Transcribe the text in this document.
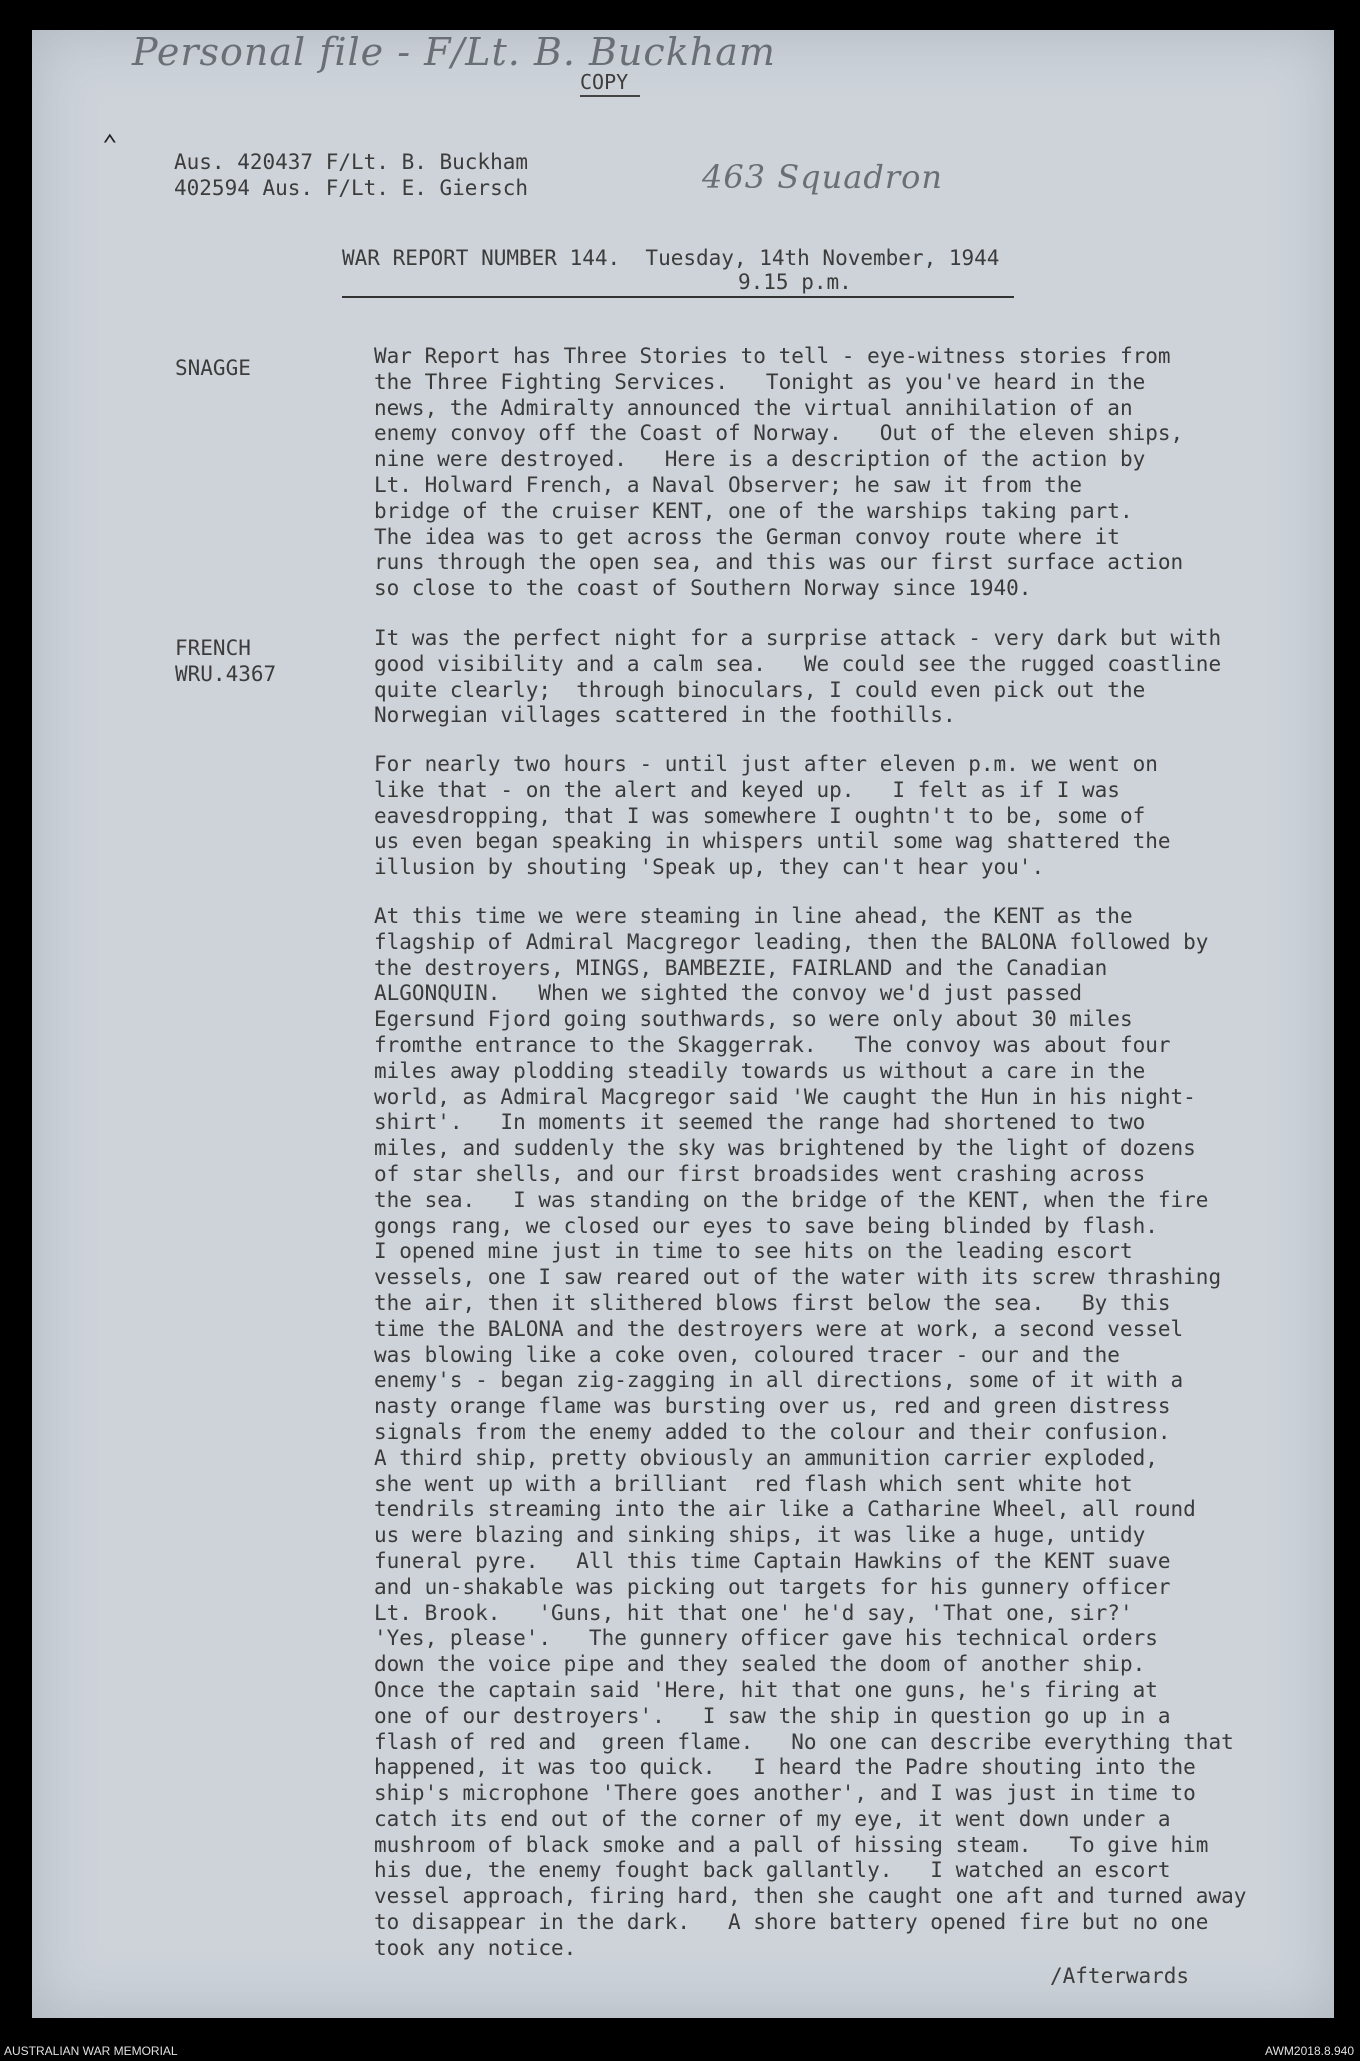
Personal file - F/Lt. B. Buckham
⌃
COPY
Aus. 420437 F/Lt. B. Buckham
402594 Aus. F/Lt. E. Giersch	463 Squadron
WAR REPORT NUMBER 144.  Tuesday, 14th November, 1944
9.15 p.m.
SNAGGE	War Report has Three Stories to tell - eye-witness stories from

the Three Fighting Services.   Tonight as you've heard in the

news, the Admiralty announced the virtual annihilation of an

enemy convoy off the Coast of Norway.   Out of the eleven ships,

nine were destroyed.   Here is a description of the action by

Lt. Holward French, a Naval Observer; he saw it from the

bridge of the cruiser KENT, one of the warships taking part.

The idea was to get across the German convoy route where it

runs through the open sea, and this was our first surface action

so close to the coast of Southern Norway since 1940.

FRENCH
WRU.4367

It was the perfect night for a surprise attack - very dark but with

good visibility and a calm sea.   We could see the rugged coastline

quite clearly;  through binoculars, I could even pick out the

Norwegian villages scattered in the foothills.

For nearly two hours - until just after eleven p.m. we went on

like that - on the alert and keyed up.   I felt as if I was

eavesdropping, that I was somewhere I oughtn't to be, some of

us even began speaking in whispers until some wag shattered the

illusion by shouting 'Speak up, they can't hear you'.

At this time we were steaming in line ahead, the KENT as the

flagship of Admiral Macgregor leading, then the BALONA followed by

the destroyers, MINGS, BAMBEZIE, FAIRLAND and the Canadian

ALGONQUIN.   When we sighted the convoy we'd just passed

Egersund Fjord going southwards, so were only about 30 miles

fromthe entrance to the Skaggerrak.   The convoy was about four

miles away plodding steadily towards us without a care in the

world, as Admiral Macgregor said 'We caught the Hun in his night-

shirt'.   In moments it seemed the range had shortened to two

miles, and suddenly the sky was brightened by the light of dozens

of star shells, and our first broadsides went crashing across

the sea.   I was standing on the bridge of the KENT, when the fire

gongs rang, we closed our eyes to save being blinded by flash.

I opened mine just in time to see hits on the leading escort

vessels, one I saw reared out of the water with its screw thrashing

the air, then it slithered blows first below the sea.   By this

time the BALONA and the destroyers were at work, a second vessel

was blowing like a coke oven, coloured tracer - our and the

enemy's - began zig-zagging in all directions, some of it with a

nasty orange flame was bursting over us, red and green distress

signals from the enemy added to the colour and their confusion.

A third ship, pretty obviously an ammunition carrier exploded,

she went up with a brilliant  red flash which sent white hot

tendrils streaming into the air like a Catharine Wheel, all round

us were blazing and sinking ships, it was like a huge, untidy

funeral pyre.   All this time Captain Hawkins of the KENT suave

and un-shakable was picking out targets for his gunnery officer

Lt. Brook.   'Guns, hit that one' he'd say, 'That one, sir?'

'Yes, please'.   The gunnery officer gave his technical orders

down the voice pipe and they sealed the doom of another ship.

Once the captain said 'Here, hit that one guns, he's firing at

one of our destroyers'.   I saw the ship in question go up in a

flash of red and  green flame.   No one can describe everything that

happened, it was too quick.   I heard the Padre shouting into the

ship's microphone 'There goes another', and I was just in time to

catch its end out of the corner of my eye, it went down under a

mushroom of black smoke and a pall of hissing steam.   To give him

his due, the enemy fought back gallantly.   I watched an escort

vessel approach, firing hard, then she caught one aft and turned away

to disappear in the dark.   A shore battery opened fire but no one

took any notice.

/Afterwards
AUSTRALIAN WAR MEMORIAL	AWM2018.8.940
